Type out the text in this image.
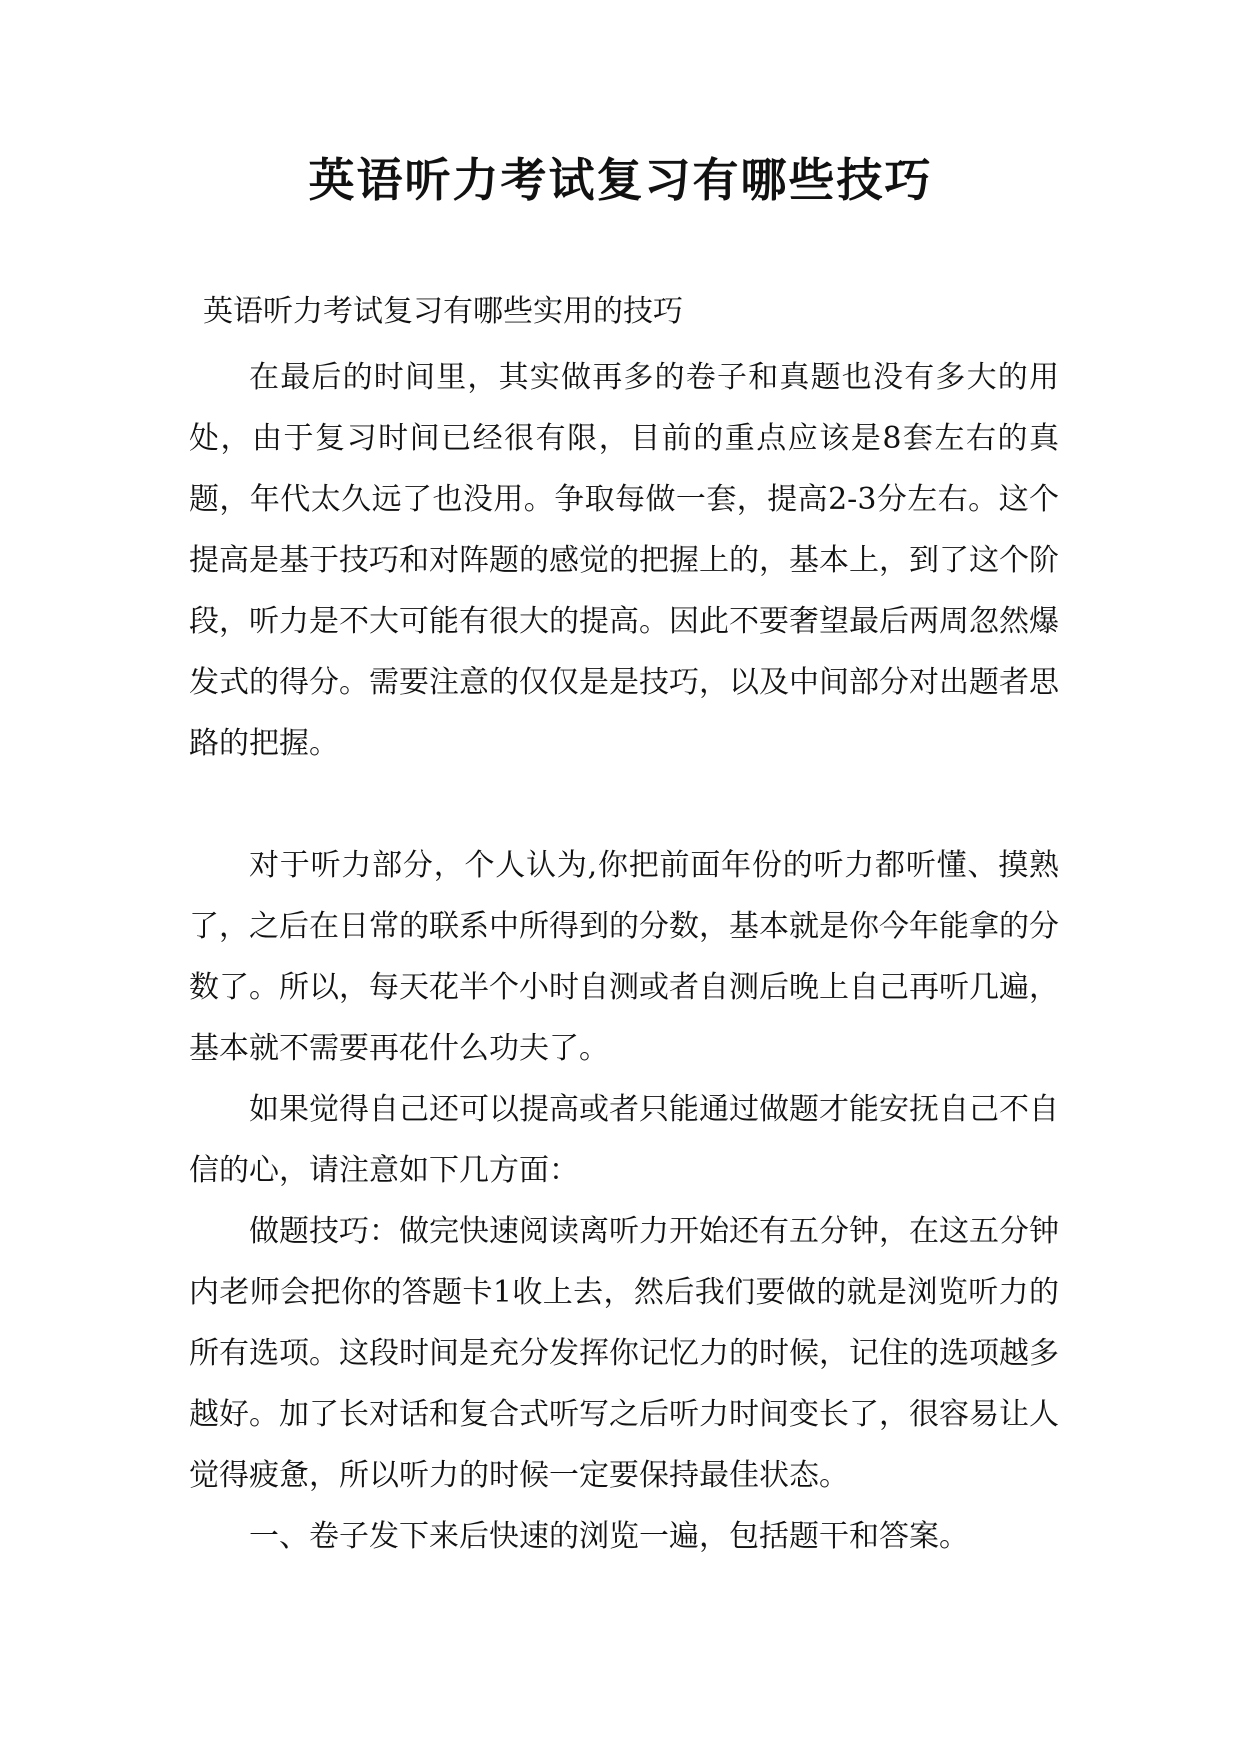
英语听力考试复习有哪些技巧
英语听力考试复习有哪些实用的技巧

在最后的时间里，其实做再多的卷子和真题也没有多大的用处，由于复习时间已经很有限，目前的重点应该是8套左右的真题，年代太久远了也没用。争取每做一套，提高2-3分左右。这个提高是基于技巧和对阵题的感觉的把握上的，基本上，到了这个阶段，听力是不大可能有很大的提高。因此不要奢望最后两周忽然爆发式的得分。需要注意的仅仅是是技巧，以及中间部分对出题者思路的把握。

对于听力部分，个人认为,你把前面年份的听力都听懂、摸熟了，之后在日常的联系中所得到的分数，基本就是你今年能拿的分数了。所以，每天花半个小时自测或者自测后晚上自己再听几遍，基本就不需要再花什么功夫了。

如果觉得自己还可以提高或者只能通过做题才能安抚自己不自信的心，请注意如下几方面：

做题技巧：做完快速阅读离听力开始还有五分钟，在这五分钟内老师会把你的答题卡1收上去，然后我们要做的就是浏览听力的所有选项。这段时间是充分发挥你记忆力的时候，记住的选项越多越好。加了长对话和复合式听写之后听力时间变长了，很容易让人觉得疲惫，所以听力的时候一定要保持最佳状态。

一、卷子发下来后快速的浏览一遍，包括题干和答案。
